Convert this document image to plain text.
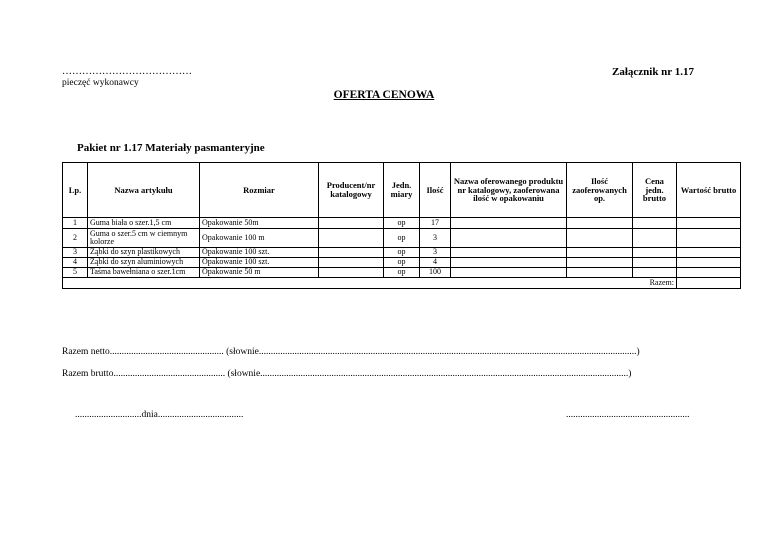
…………………………………
pieczęć wykonawcy
Załącznik nr 1.17
OFERTA CENOWA
Pakiet nr 1.17 Materiały pasmanteryjne
Lp.	Nazwa artykułu	Rozmiar	Producent/nr katalogowy	Jedn. miary	Ilość	Nazwa oferowanego produktu nr katalogowy, zaoferowana ilość w opakowaniu	Ilość zaoferowanych op.	Cena jedn. brutto	Wartość brutto
1	Guma biała o szer.1,5 cm	Opakowanie 50m		op	17				
2	Guma o szer.5 cm w ciemnym kolorze	Opakowanie 100 m		op	3				
3	Ząbki do szyn plastikowych	Opakowanie 100 szt.		op	3				
4	Ząbki do szyn aluminiowych	Opakowanie 100 szt.		op	4				
5	Taśma bawełniana o szer.1cm	Opakowanie 50 m		op	100				
Razem:									
Razem netto................................................ (słownie...............................................................................................................................................................)
Razem brutto............................................... (słownie...........................................................................................................................................................)
............................dnia....................................	....................................................
